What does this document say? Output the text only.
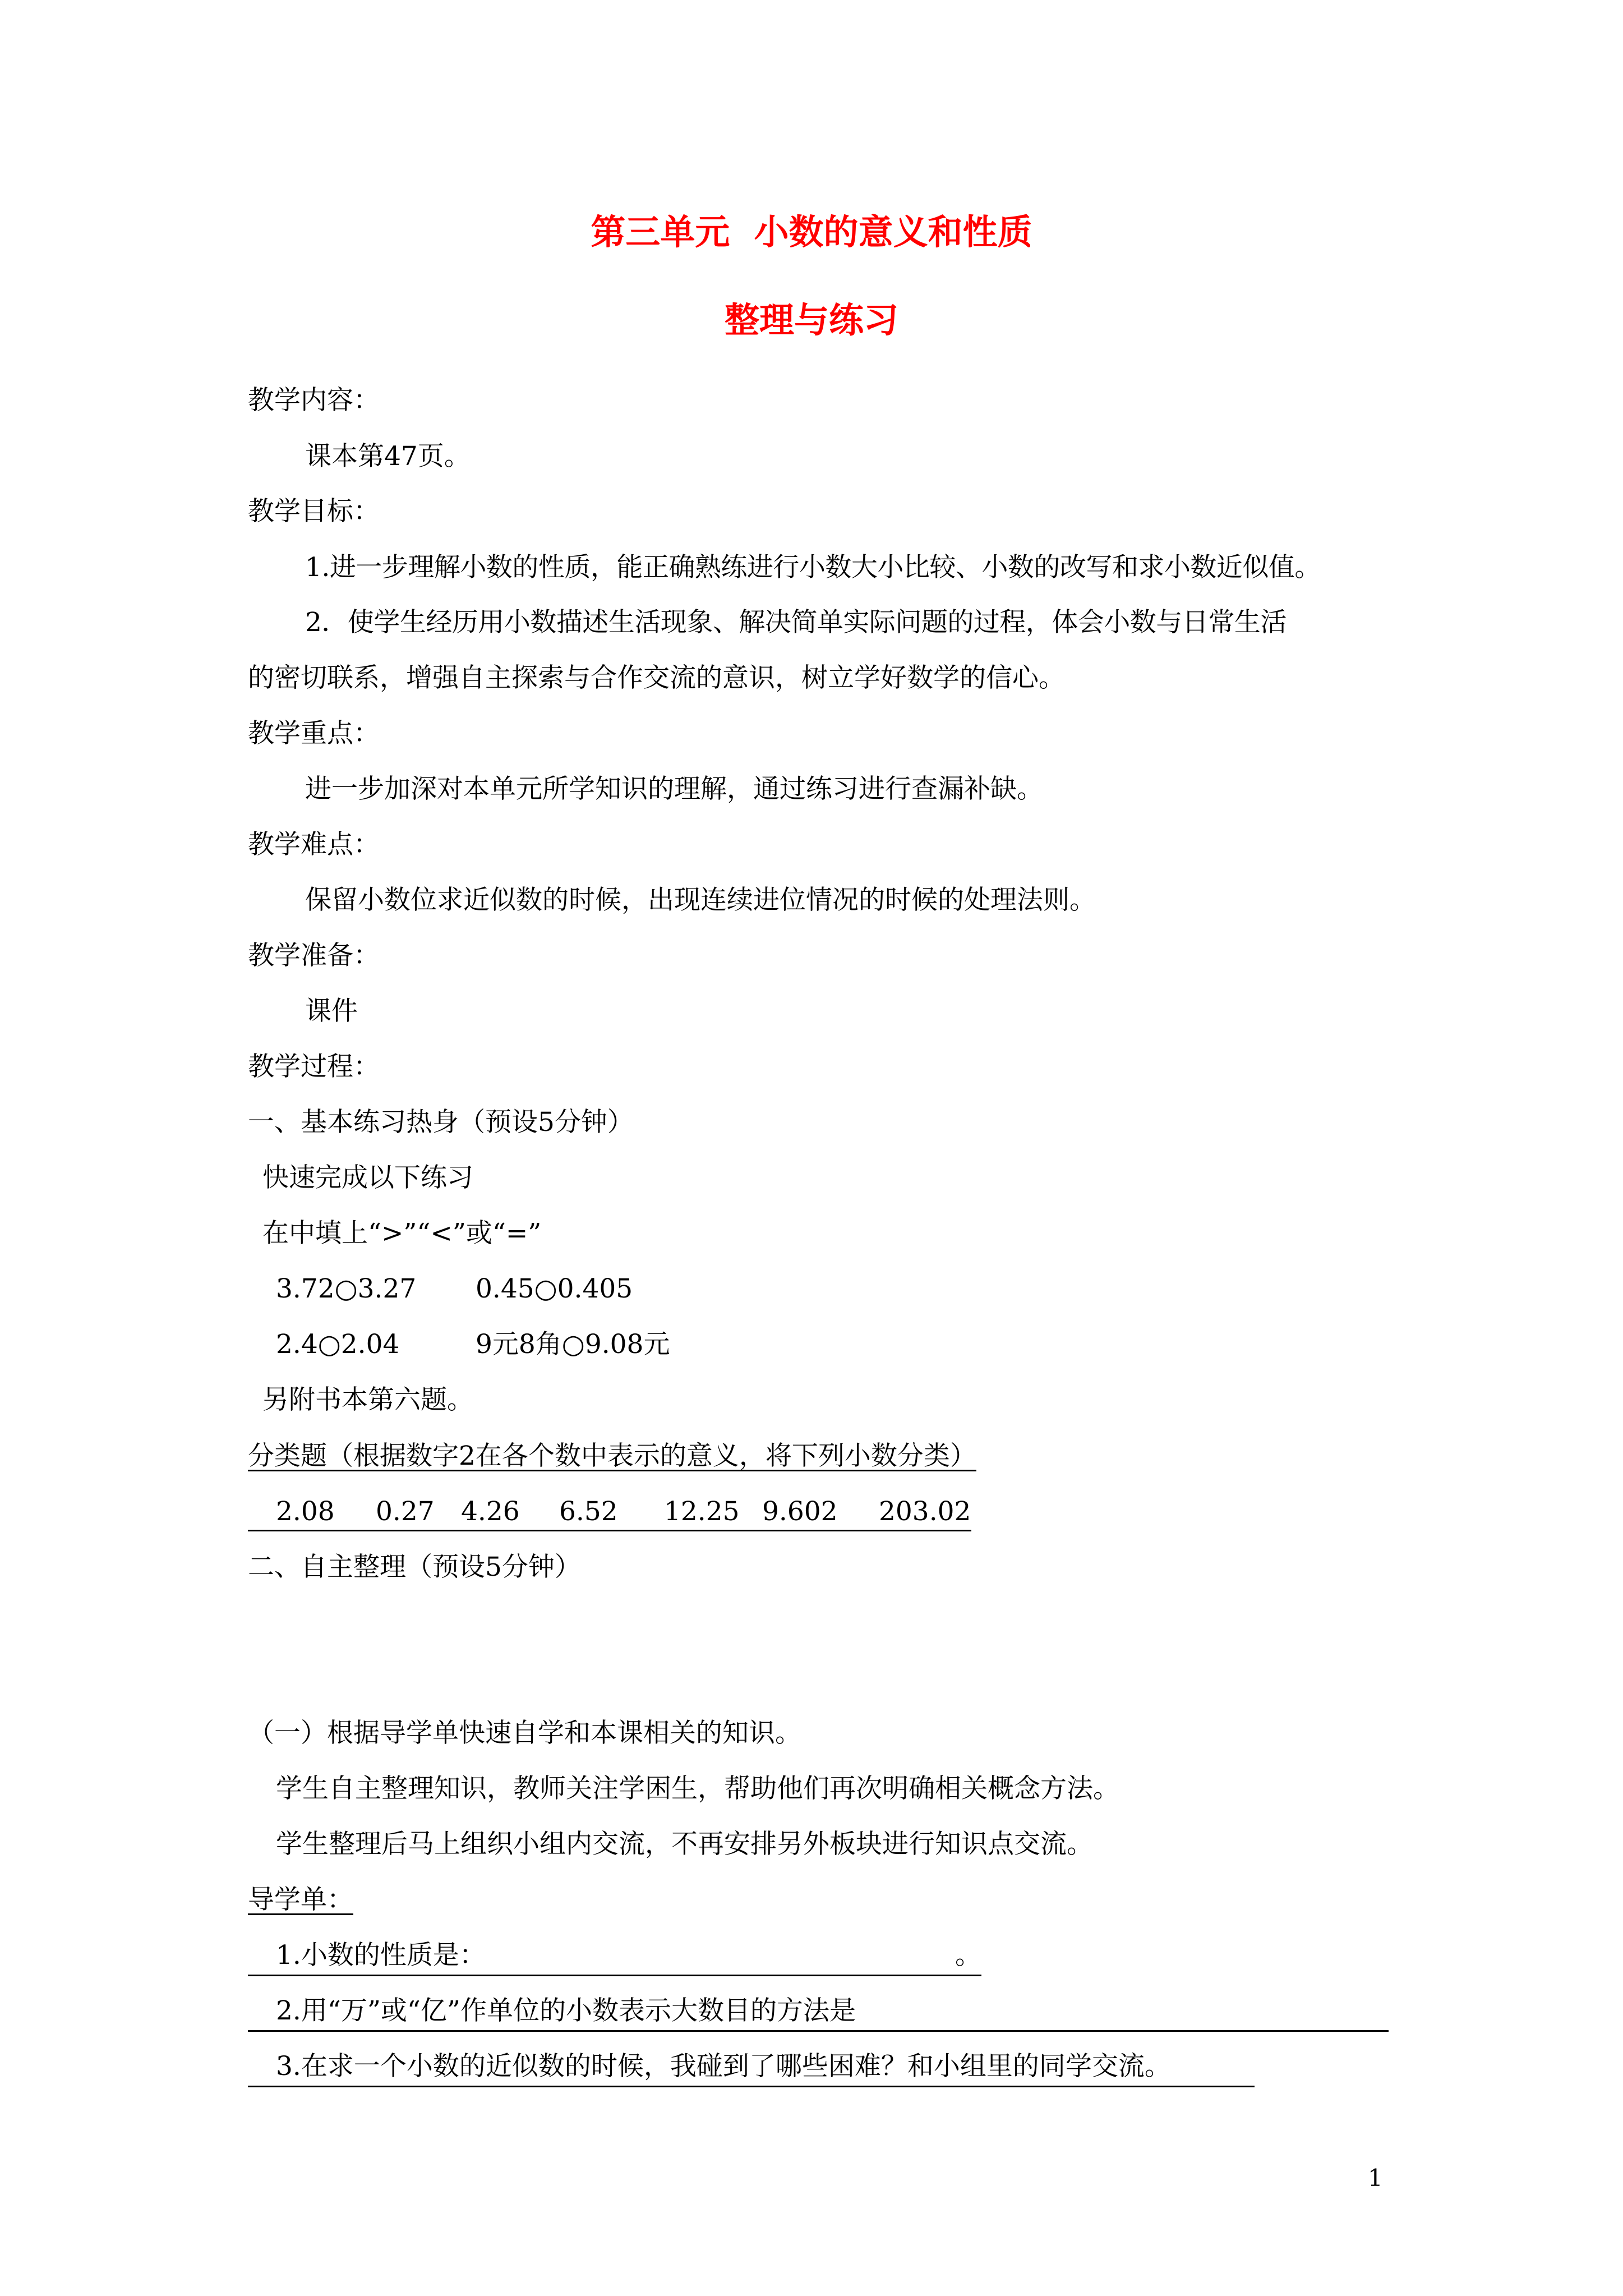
第三单元  小数的意义和性质
整理与练习
教学内容：
课本第47页。
教学目标：
1.进一步理解小数的性质，能正确熟练进行小数大小比较、小数的改写和求小数近似值。
2．使学生经历用小数描述生活现象、解决简单实际问题的过程，体会小数与日常生活
的密切联系，增强自主探索与合作交流的意识，树立学好数学的信心。
教学重点：
进一步加深对本单元所学知识的理解，通过练习进行查漏补缺。
教学难点：
保留小数位求近似数的时候，出现连续进位情况的时候的处理法则。
教学准备：
课件
教学过程：
一、基本练习热身（预设5分钟）
快速完成以下练习
在中填上“>”“<”或“=”
3.72○3.27 0.45○0.405
2.4○2.04	9元8角○9.08元
另附书本第六题。
分类题（根据数字2在各个数中表示的意义，将下列小数分类）
2.08 0.27 4.26 6.52 12.25 9.602 203.02
二、自主整理（预设5分钟）
（一）根据导学单快速自学和本课相关的知识。
学生自主整理知识，教师关注学困生，帮助他们再次明确相关概念方法。
学生整理后马上组织小组内交流，不再安排另外板块进行知识点交流。
导学单：
1.小数的性质是：	。
2.用“万”或“亿”作单位的小数表示大数目的方法是
3.在求一个小数的近似数的时候，我碰到了哪些困难？和小组里的同学交流。
1
